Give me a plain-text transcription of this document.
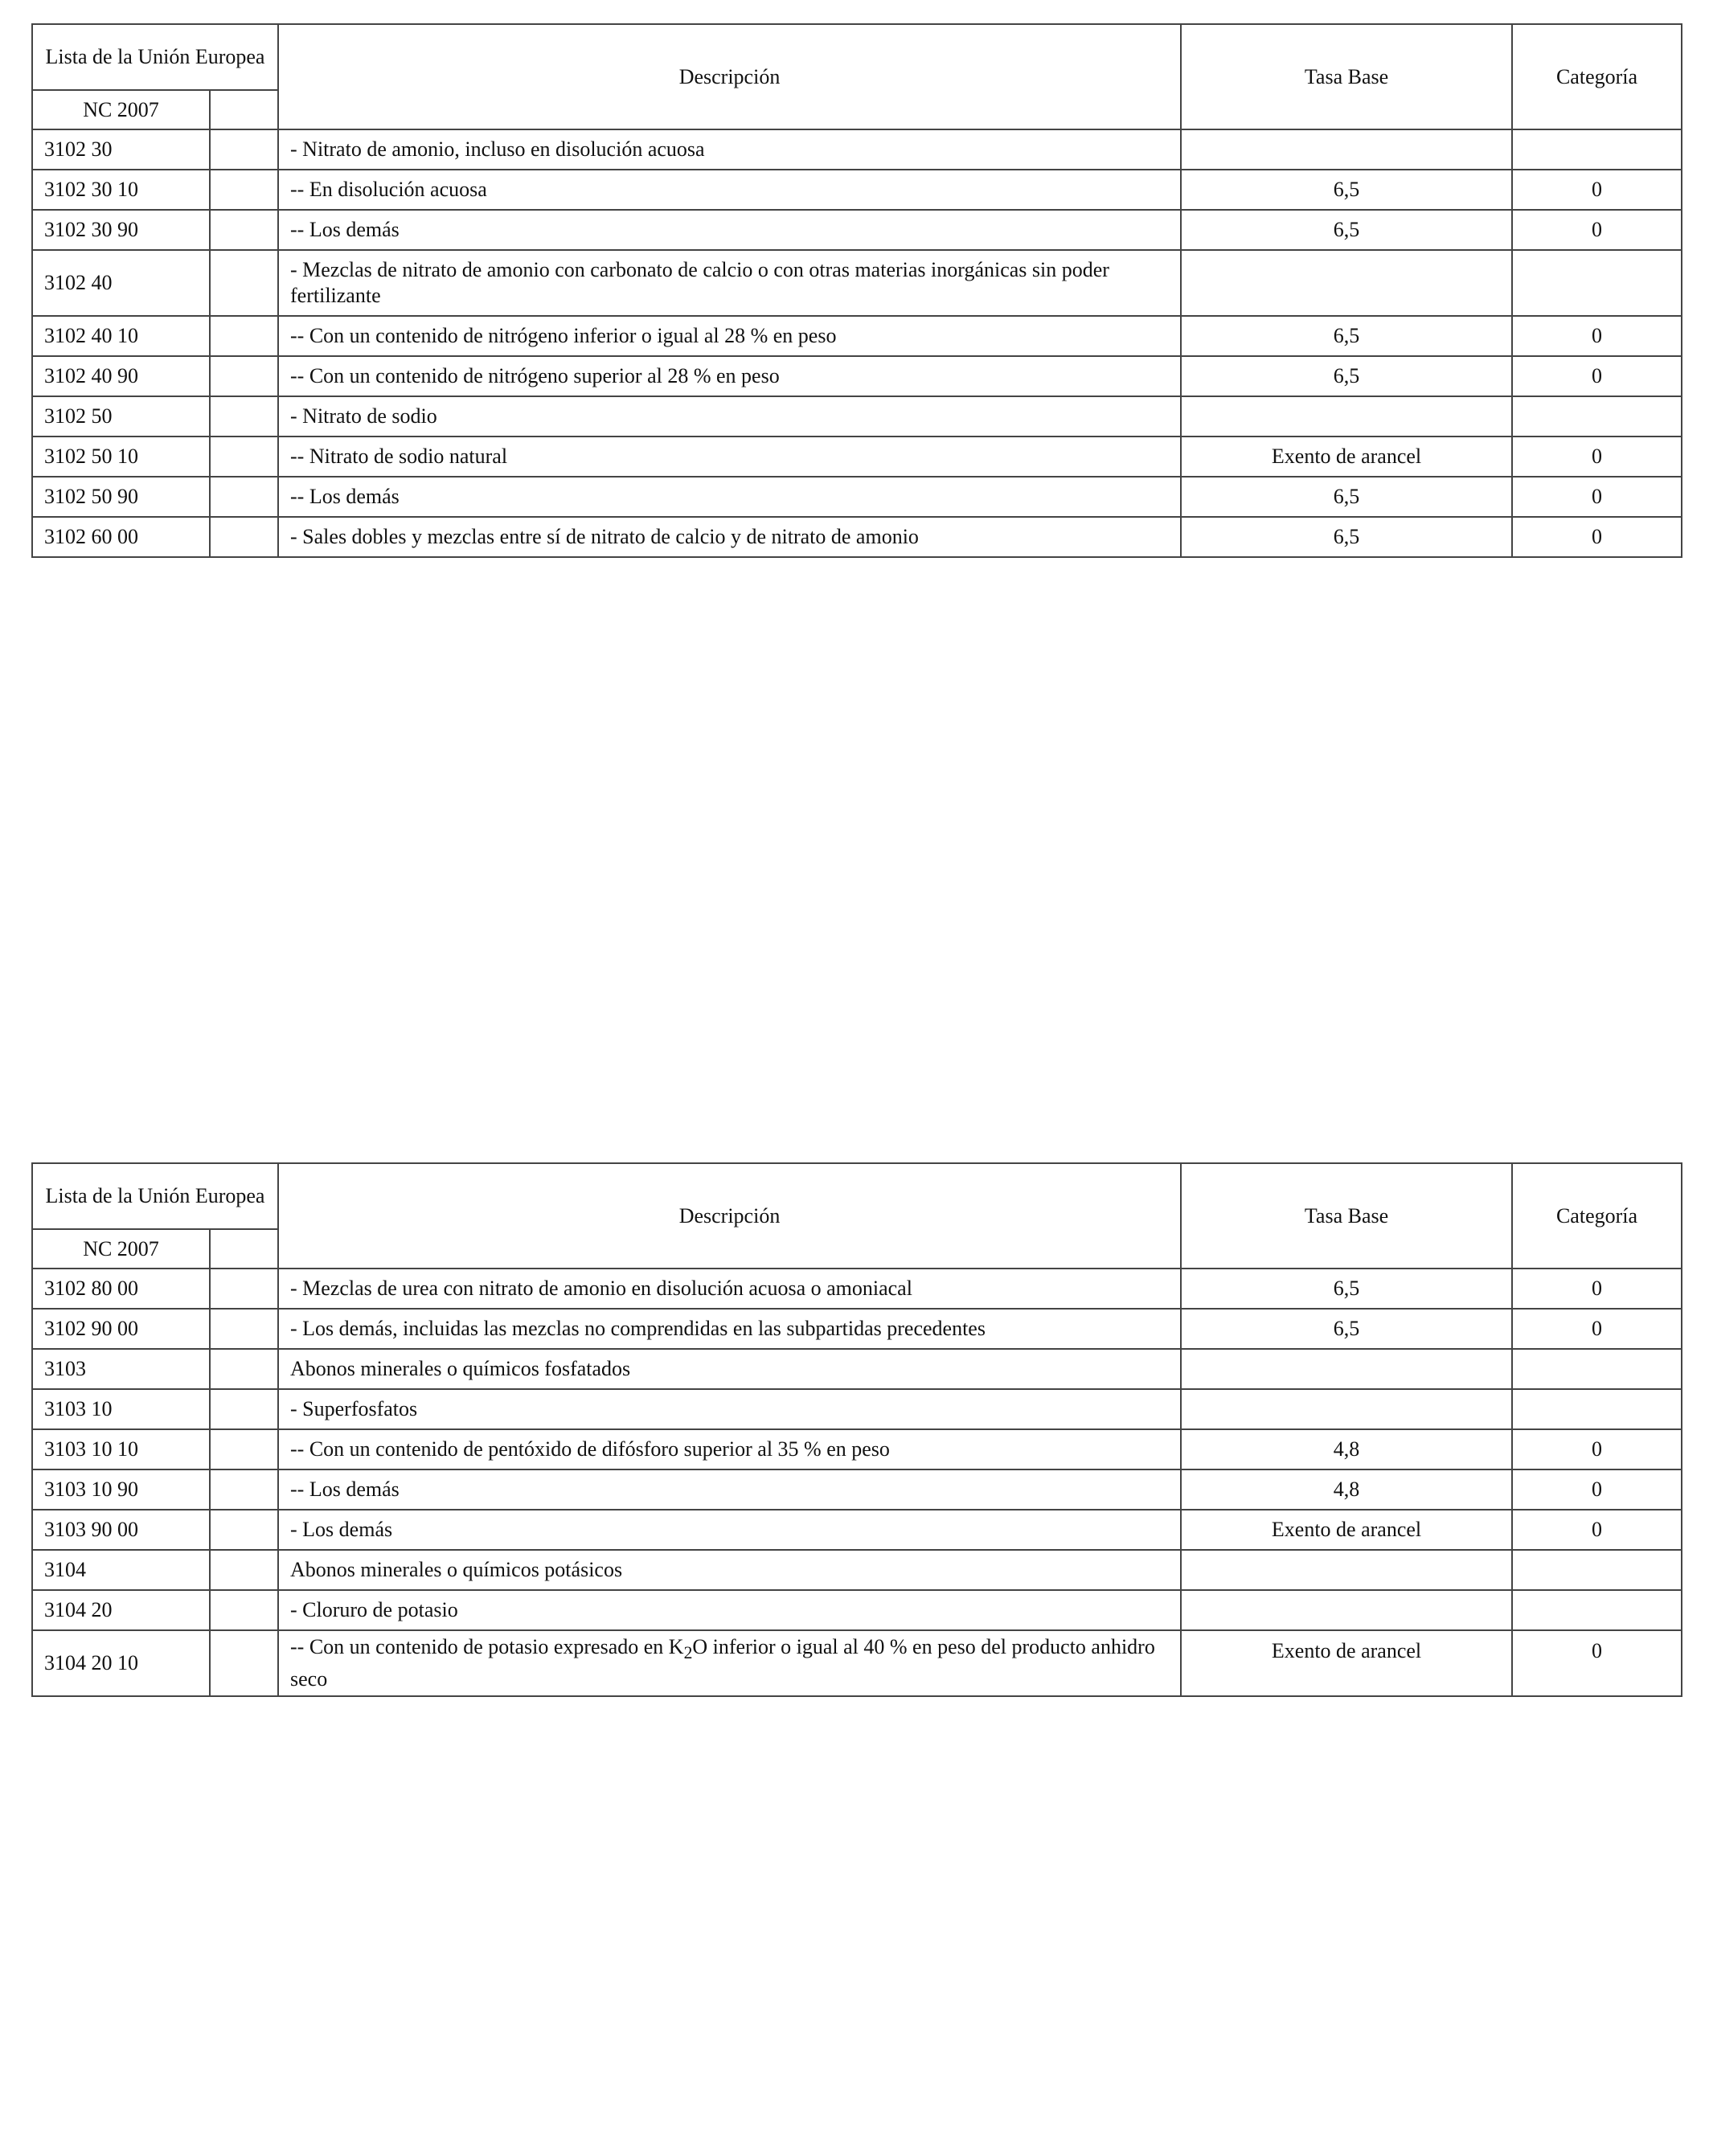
Lista de la Unión Europea		Descripción	Tasa Base	Categoría
NC 2007				
3102 30		- Nitrato de amonio, incluso en disolución acuosa		
3102 30 10		-- En disolución acuosa	6,5	0
3102 30 90		-- Los demás	6,5	0
3102 40		- Mezclas de nitrato de amonio con carbonato de calcio o con otras materias inorgánicas sin poder fertilizante		
3102 40 10		-- Con un contenido de nitrógeno inferior o igual al 28 % en peso	6,5	0
3102 40 90		-- Con un contenido de nitrógeno superior al 28 % en peso	6,5	0
3102 50		- Nitrato de sodio		
3102 50 10		-- Nitrato de sodio natural	Exento de arancel	0
3102 50 90		-- Los demás	6,5	0
3102 60 00		- Sales dobles y mezclas entre sí de nitrato de calcio y de nitrato de amonio	6,5	0
Lista de la Unión Europea		Descripción	Tasa Base	Categoría
NC 2007				
3102 80 00		- Mezclas de urea con nitrato de amonio en disolución acuosa o amoniacal	6,5	0
3102 90 00		- Los demás, incluidas las mezclas no comprendidas en las subpartidas precedentes	6,5	0
3103		Abonos minerales o químicos fosfatados		
3103 10		- Superfosfatos		
3103 10 10		-- Con un contenido de pentóxido de difósforo superior al 35 % en peso	4,8	0
3103 10 90		-- Los demás	4,8	0
3103 90 00		- Los demás	Exento de arancel	0
3104		Abonos minerales o químicos potásicos		
3104 20		- Cloruro de potasio		
3104 20 10		-- Con un contenido de potasio expresado en $K_2O$ inferior o igual al 40 % en peso del producto anhidro seco	Exento de arancel	0
